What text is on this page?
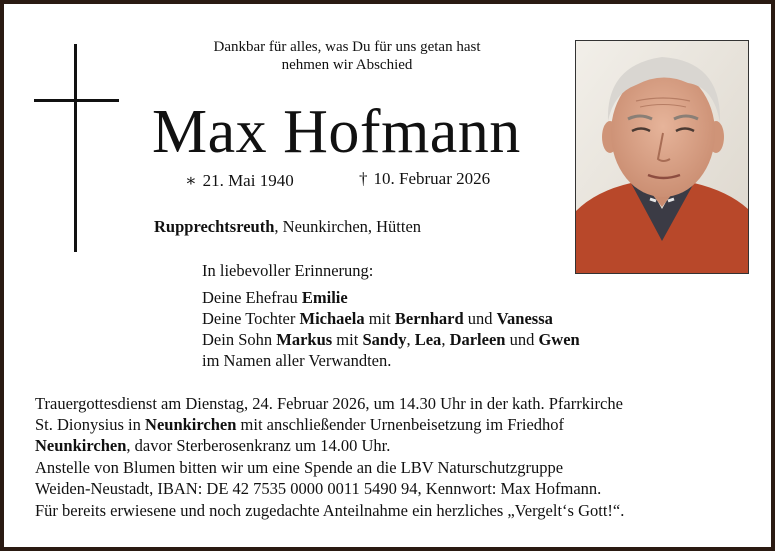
Dankbar für alles, was Du für uns getan hast
nehmen wir Abschied
Max Hofmann
∗ 21. Mai 1940	† 10. Februar 2026
Rupprechtsreuth, Neunkirchen, Hütten
In liebevoller Erinnerung:
Deine Ehefrau Emilie
Deine Tochter Michaela mit Bernhard und Vanessa
Dein Sohn Markus mit Sandy, Lea, Darleen und Gwen
im Namen aller Verwandten.

Trauergottesdienst am Dienstag, 24. Februar 2026, um 14.30 Uhr in der kath. Pfarrkirche

St. Dionysius in Neunkirchen mit anschließender Urnenbeisetzung im Friedhof

Neunkirchen, davor Sterberosenkranz um 14.00 Uhr.

Anstelle von Blumen bitten wir um eine Spende an die LBV Naturschutzgruppe

Weiden-Neustadt, IBAN: DE 42 7535 0000 0011 5490 94, Kennwort: Max Hofmann.

Für bereits erwiesene und noch zugedachte Anteilnahme ein herzliches „Vergelt‘s Gott!“.
